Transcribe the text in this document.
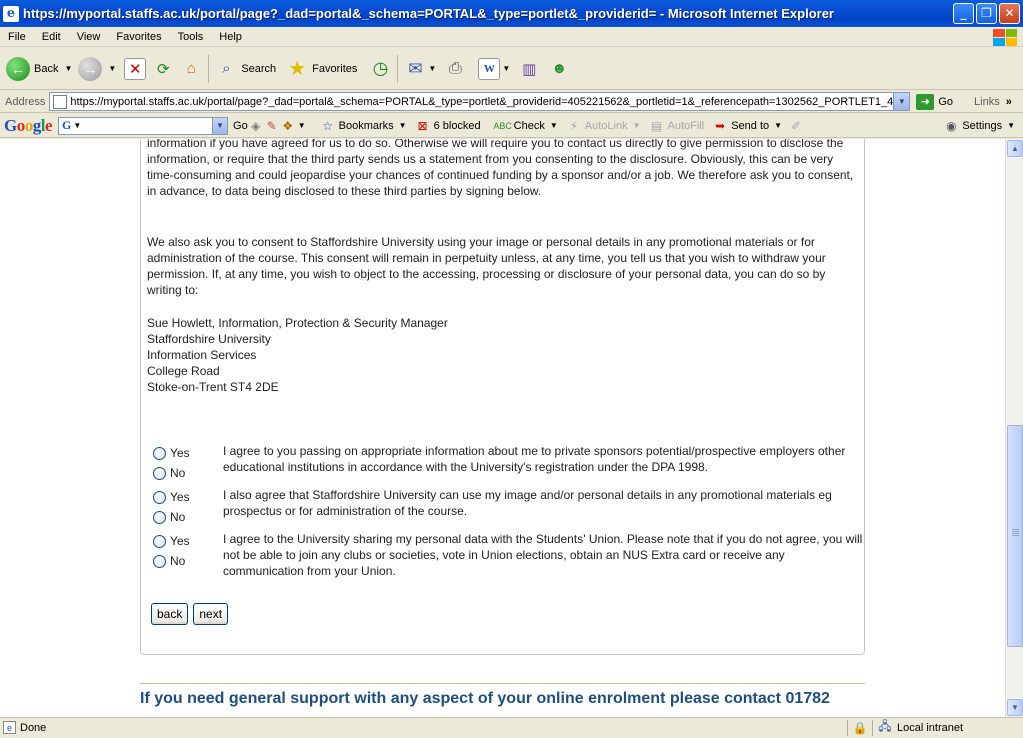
e https://myportal.staffs.ac.uk/portal/page?_dad=portal&_schema=PORTAL&_type=portlet&_providerid= - Microsoft Internet Explorer	_	❐	✕
File	Edit	View	Favorites	Tools	Help
← Back ▼ →	▼ ✕	⟳	⌂	⌕ Search ★ Favorites ◷ ✉ ▼ ⎙	W ▼ ▥ ☻
Address https://myportal.staffs.ac.uk/portal/page?_dad=portal&_schema=PORTAL&_type=portlet&_providerid=405221562&_portletid=1&_referencepath=1302562_PORTLET1_4 ▼	➜ Go Links »
Google G ▼	▼ Go ◈ ✎ ❖ ▼ ☆ Bookmarks ▼ ⊠ 6 blocked ABC Check ▼ ⚡ AutoLink ▼ ▤ AutoFill ➥ Send to ▼ ✐	◉ Settings ▼
information if you have agreed for us to do so. Otherwise we will require you to contact us directly to give permission to disclose the information, or require that the third party sends us a statement from you consenting to the disclosure. Obviously, this can be very time-consuming and could jeopardise your chances of continued funding by a sponsor and/or a job. We therefore ask you to consent, in advance, to data being disclosed to these third parties by signing below.
We also ask you to consent to Staffordshire University using your image or personal details in any promotional materials or for administration of the course. This consent will remain in perpetuity unless, at any time, you tell us that you wish to withdraw your permission. If, at any time, you wish to object to the accessing, processing or disclosure of your personal data, you can do so by writing to:
Sue Howlett, Information, Protection & Security Manager
Staffordshire University
Information Services
College Road
Stoke-on-Trent ST4 2DE
Yes
No
I agree to you passing on appropriate information about me to private sponsors potential/prospective employers other educational institutions in accordance with the University's registration under the DPA 1998.
Yes
No
I also agree that Staffordshire University can use my image and/or personal details in any promotional materials eg prospectus or for administration of the course.
Yes
No
I agree to the University sharing my personal data with the Students' Union. Please note that if you do not agree, you will not be able to join any clubs or societies, vote in Union elections, obtain an NUS Extra card or receive any communication from your Union.
back	next
If you need general support with any aspect of your online enrolment please contact 01782
▲
▼
e Done	🔒 🖧 Local intranet
